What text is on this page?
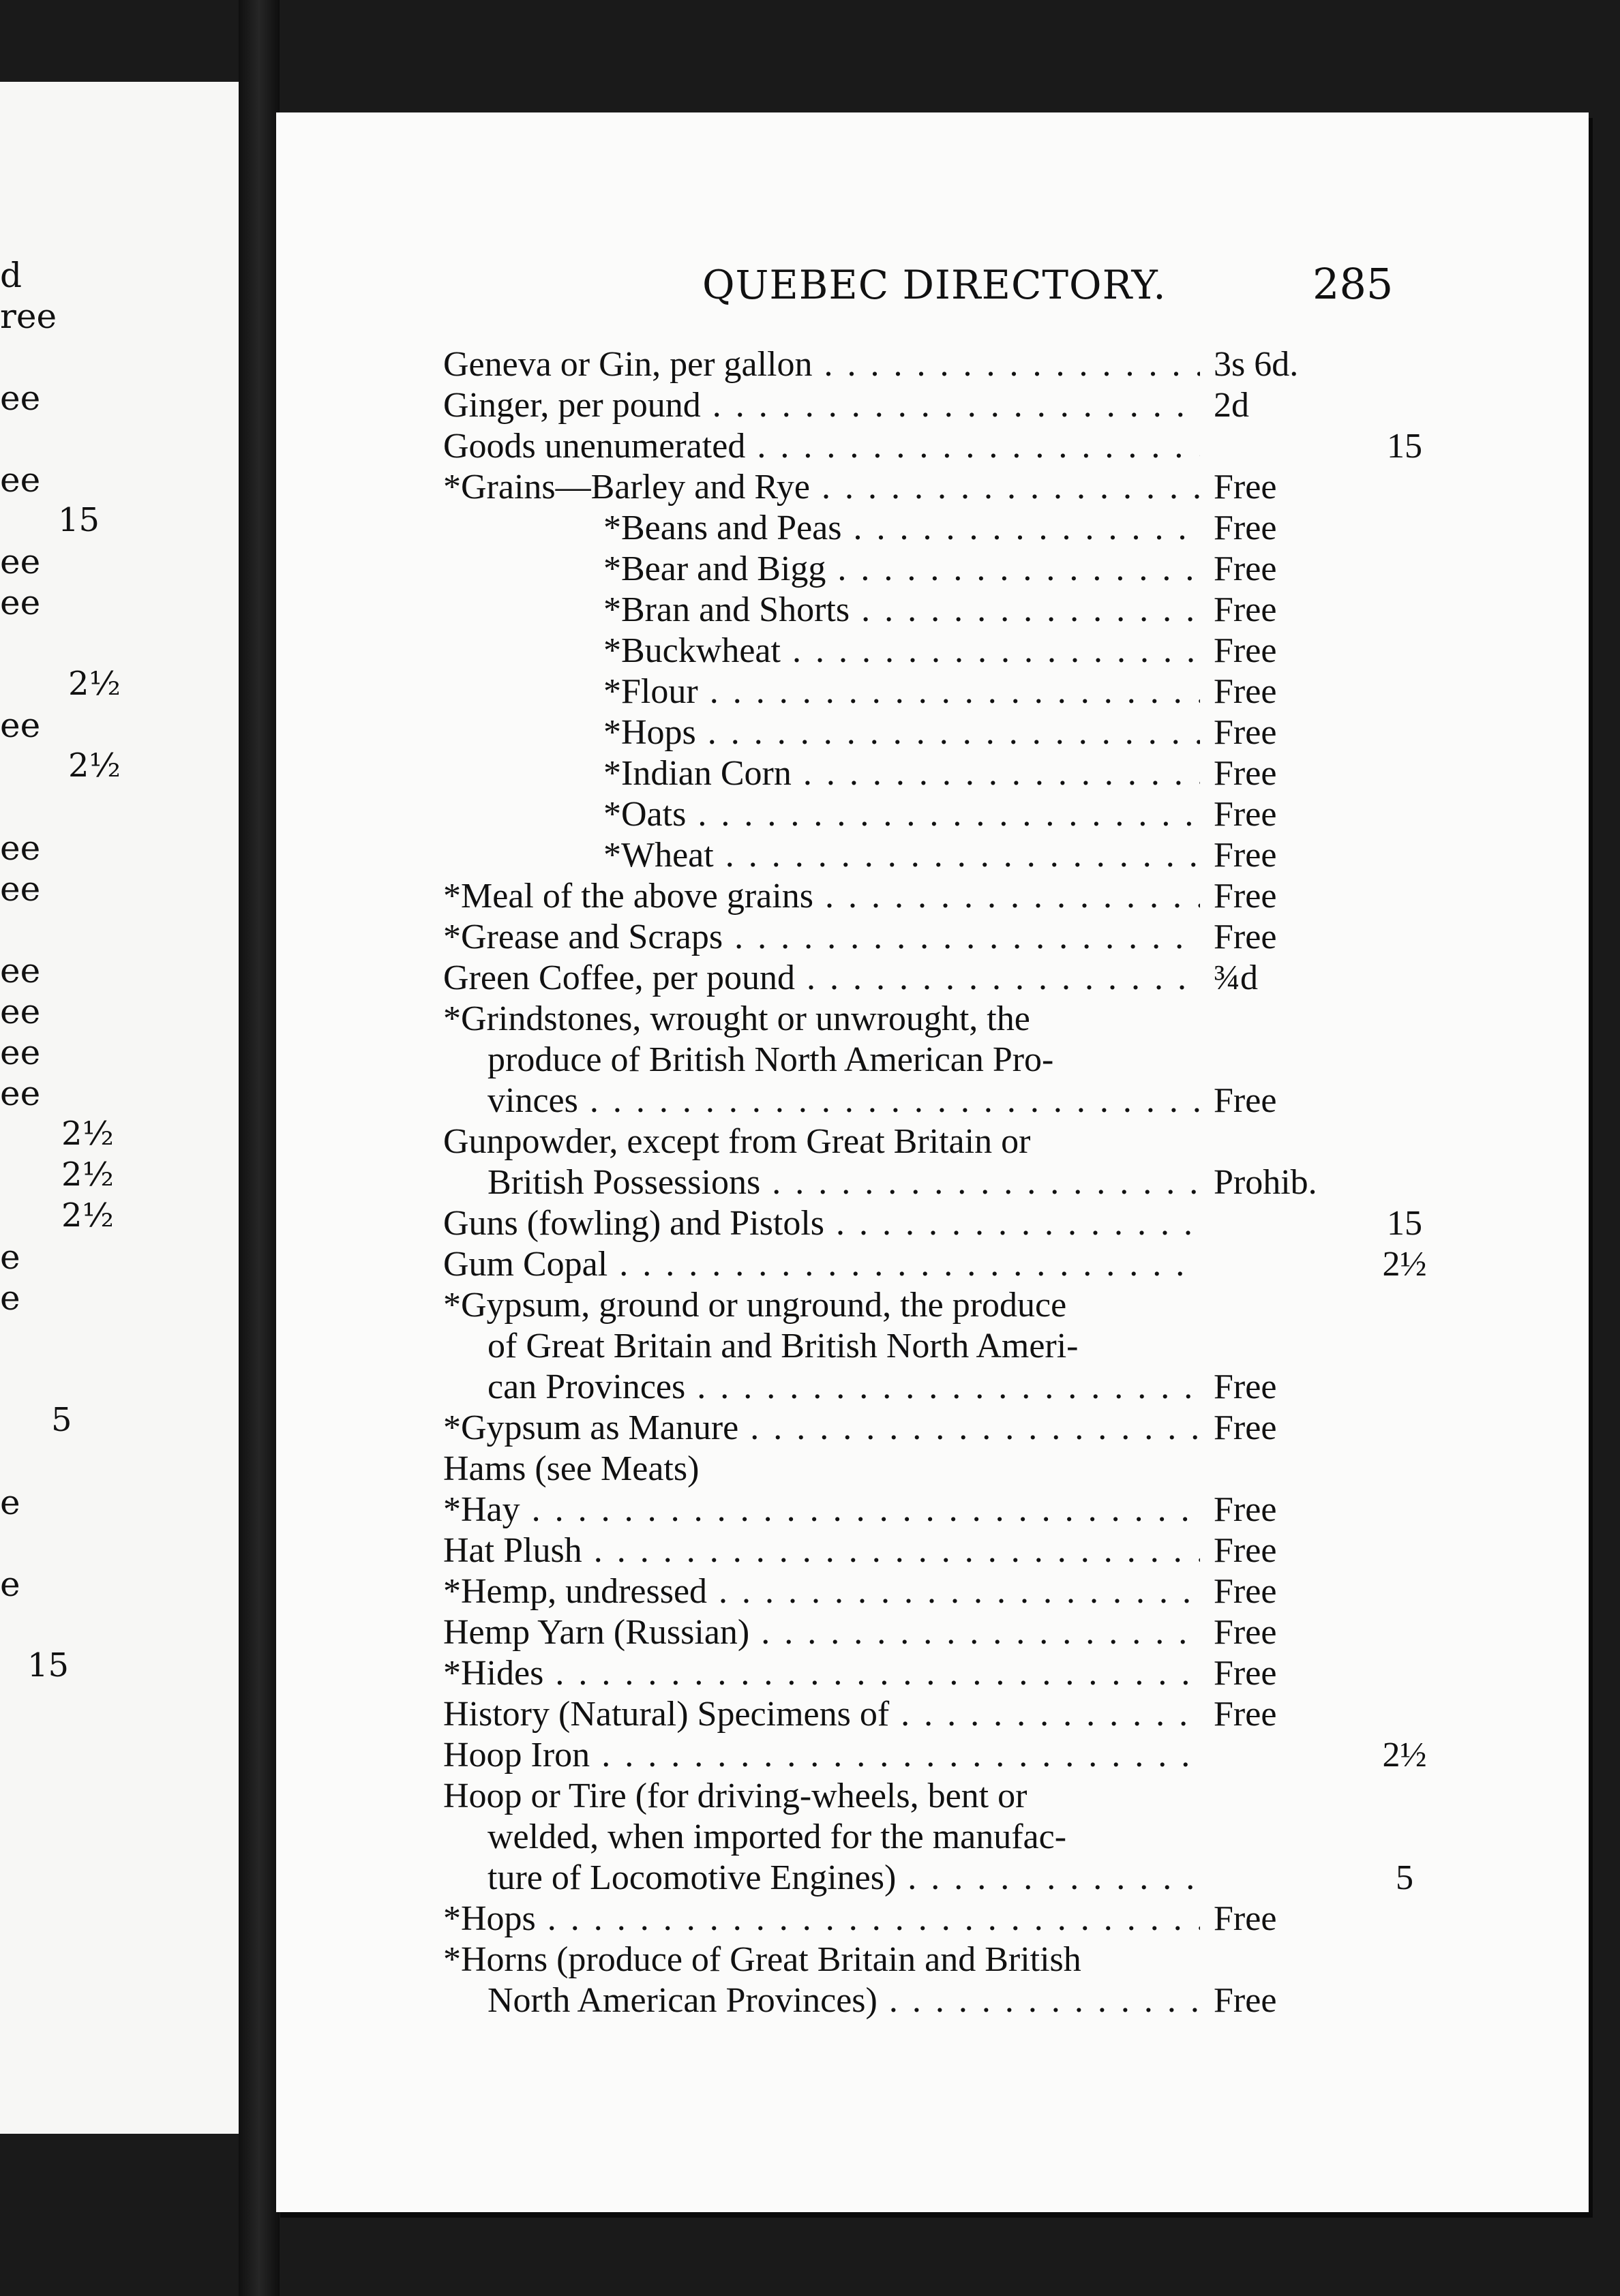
d
ree
ee
ee
15
ee
ee
2½
ee
2½
ee
ee
ee
ee
ee
ee
2½
2½
2½
e
e
5
e
e
15
QUEBEC DIRECTORY.	285
Geneva or Gin, per gallon . .	3s 6d.
Ginger, per pound . .	2d
Goods unenumerated . .	15
*Grains—Barley and Rye . .	Free
*Beans and Peas . .	Free
*Bear and Bigg . .	Free
*Bran and Shorts . .	Free
*Buckwheat . .	Free
*Flour . .	Free
*Hops . .	Free
*Indian Corn . .	Free
*Oats . .	Free
*Wheat . .	Free
*Meal of the above grains . .	Free
*Grease and Scraps . .	Free
Green Coffee, per pound . .	¾d
*Grindstones, wrought or unwrought, the
produce of British North American Pro-
vinces . .	Free
Gunpowder, except from Great Britain or
British Possessions . .	Prohib.
Guns (fowling) and Pistols . .	15
Gum Copal . .	2½
*Gypsum, ground or unground, the produce
of Great Britain and British North Ameri-
can Provinces . .	Free
*Gypsum as Manure . .	Free
Hams (see Meats)
*Hay . .	Free
Hat Plush . .	Free
*Hemp, undressed . .	Free
Hemp Yarn (Russian) . .	Free
*Hides . .	Free
History (Natural) Specimens of . .	Free
Hoop Iron . .	2½
Hoop or Tire (for driving-wheels, bent or
welded, when imported for the manufac-
ture of Locomotive Engines) . .	5
*Hops . .	Free
*Horns (produce of Great Britain and British
North American Provinces) . .	Free
